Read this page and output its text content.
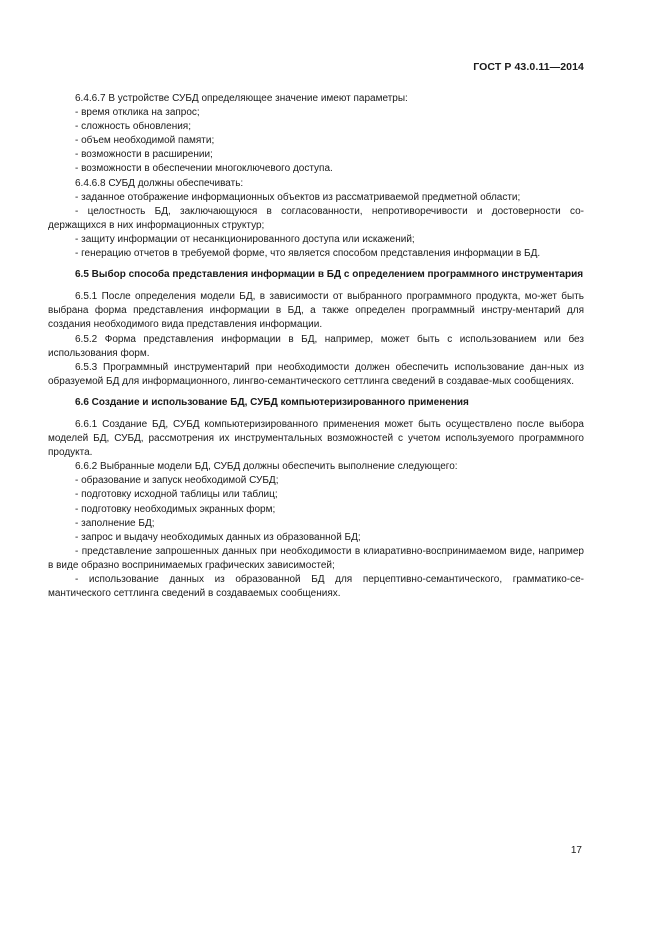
ГОСТ Р 43.0.11—2014

6.4.6.7 В устройстве СУБД определяющее значение имеют параметры:

- время отклика на запрос;

- сложность обновления;

- объем необходимой памяти;

- возможности в расширении;

- возможности в обеспечении многоключевого доступа.

6.4.6.8 СУБД должны обеспечивать:

- заданное отображение информационных объектов из рассматриваемой предметной области;

- целостность БД, заключающуюся в согласованности, непротиворечивости и достоверности со-держащихся в них информационных структур;

- защиту информации от несанкционированного доступа или искажений;

- генерацию отчетов в требуемой форме, что является способом представления информации в БД.

6.5 Выбор способа представления информации в БД с определением программного инструментария

6.5.1 После определения модели БД, в зависимости от выбранного программного продукта, мо-жет быть выбрана форма представления информации в БД, а также определен программный инстру-ментарий для создания необходимого вида представления информации.

6.5.2 Форма представления информации в БД, например, может быть с использованием или без использования форм.

6.5.3 Программный инструментарий при необходимости должен обеспечить использование дан-ных из образуемой БД для информационного, лингво-семантического сеттлинга сведений в создавае-мых сообщениях.

6.6 Создание и использование БД, СУБД компьютеризированного применения

6.6.1 Создание БД, СУБД компьютеризированного применения может быть осуществлено после выбора моделей БД, СУБД, рассмотрения их инструментальных возможностей с учетом используемого программного продукта.

6.6.2 Выбранные модели БД, СУБД должны обеспечить выполнение следующего:

- образование и запуск необходимой СУБД;

- подготовку исходной таблицы или таблиц;

- подготовку необходимых экранных форм;

- заполнение БД;

- запрос и выдачу необходимых данных из образованной БД;

- представление запрошенных данных при необходимости в клиаративно-воспринимаемом виде, например в виде образно воспринимаемых графических зависимостей;

- использование данных из образованной БД для перцептивно-семантического, грамматико-се-мантического сеттлинга сведений в создаваемых сообщениях.

17
